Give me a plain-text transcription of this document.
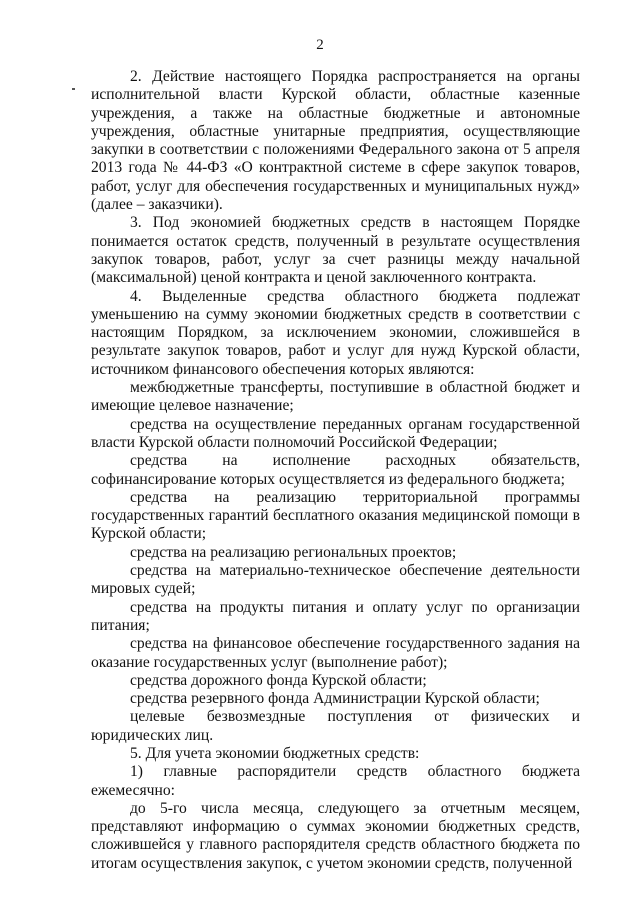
2

2. Действие настоящего Порядка распространяется на органы исполнительной власти Курской области, областные казенные учреждения, а также на областные бюджетные и автономные учреждения, областные унитарные предприятия, осуществляющие закупки в соответствии с положениями Федерального закона от 5 апреля 2013 года № 44-ФЗ «О контрактной системе в сфере закупок товаров, работ, услуг для обеспечения государственных и муниципальных нужд» (далее – заказчики).

3. Под экономией бюджетных средств в настоящем Порядке понимается остаток средств, полученный в результате осуществления закупок товаров, работ, услуг за счет разницы между начальной (максимальной) ценой контракта и ценой заключенного контракта.

4. Выделенные средства областного бюджета подлежат уменьшению на сумму экономии бюджетных средств в соответствии с настоящим Порядком, за исключением экономии, сложившейся в результате закупок товаров, работ и услуг для нужд Курской области, источником финансового обеспечения которых являются:

межбюджетные трансферты, поступившие в областной бюджет и имеющие целевое назначение;

средства на осуществление переданных органам государственной власти Курской области полномочий Российской Федерации;

средства на исполнение расходных обязательств, софинансирование которых осуществляется из федерального бюджета;

средства на реализацию территориальной программы государственных гарантий бесплатного оказания медицинской помощи в Курской области;

средства на реализацию региональных проектов;

средства на материально-техническое обеспечение деятельности мировых судей;

средства на продукты питания и оплату услуг по организации питания;

средства на финансовое обеспечение государственного задания на оказание государственных услуг (выполнение работ);

средства дорожного фонда Курской области;

средства резервного фонда Администрации Курской области;

целевые безвозмездные поступления от физических и юридических лиц.

5. Для учета экономии бюджетных средств:

1) главные распорядители средств областного бюджета ежемесячно:

до 5-го числа месяца, следующего за отчетным месяцем, представляют информацию о суммах экономии бюджетных средств, сложившейся у главного распорядителя средств областного бюджета по итогам осуществления закупок, с учетом экономии средств, полученной
